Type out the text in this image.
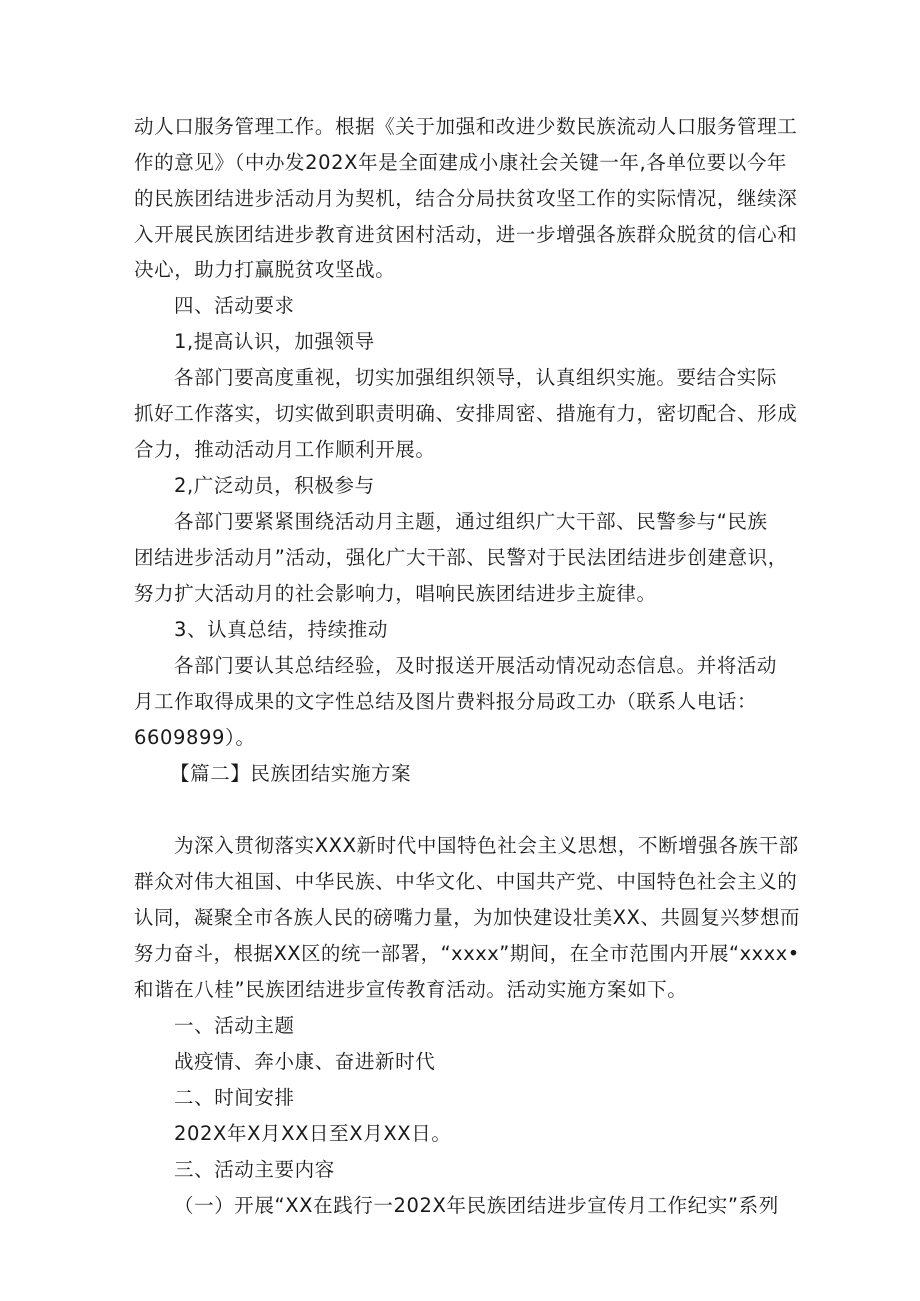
动人口服务管理工作。根据《关于加强和改进少数民族流动人口服务管理工
作的意见》（中办发202X年是全面建成小康社会关键一年,各单位要以今年
的民族团结进步活动月为契机，结合分局扶贫攻坚工作的实际情况，继续深
入开展民族团结进步教育进贫困村活动，进一步增强各族群众脱贫的信心和
决心，助力打赢脱贫攻坚战。
四、活动要求
1,提高认识，加强领导
各部门要高度重视，切实加强组织领导，认真组织实施。要结合实际
抓好工作落实，切实做到职责明确、安排周密、措施有力，密切配合、形成
合力，推动活动月工作顺利开展。
2,广泛动员，积极参与
各部门要紧紧围绕活动月主题，通过组织广大干部、民警参与“民族
团结进步活动月”活动，强化广大干部、民警对于民法团结进步创建意识，
努力扩大活动月的社会影响力，唱响民族团结进步主旋律。
3、认真总结，持续推动
各部门要认其总结经验，及时报送开展活动情况动态信息。并将活动
月工作取得成果的文字性总结及图片费料报分局政工办（联系人电话：
6609899）。
【篇二】民族团结实施方案
为深入贯彻落实XXX新时代中国特色社会主义思想，不断增强各族干部
群众对伟大祖国、中华民族、中华文化、中国共产党、中国特色社会主义的
认同，凝聚全市各族人民的磅嘴力量，为加快建设壮美XX、共圆复兴梦想而
努力奋斗，根据XX区的统一部署，“xxxx”期间，在全市范围内开展“xxxx•
和谐在八桂”民族团结进步宣传教育活动。活动实施方案如下。
一、活动主题
战疫情、奔小康、奋进新时代
二、时间安排
202X年X月XX日至X月XX日。
三、活动主要内容
（一）开展“XX在践行一202X年民族团结进步宣传月工作纪实”系列
